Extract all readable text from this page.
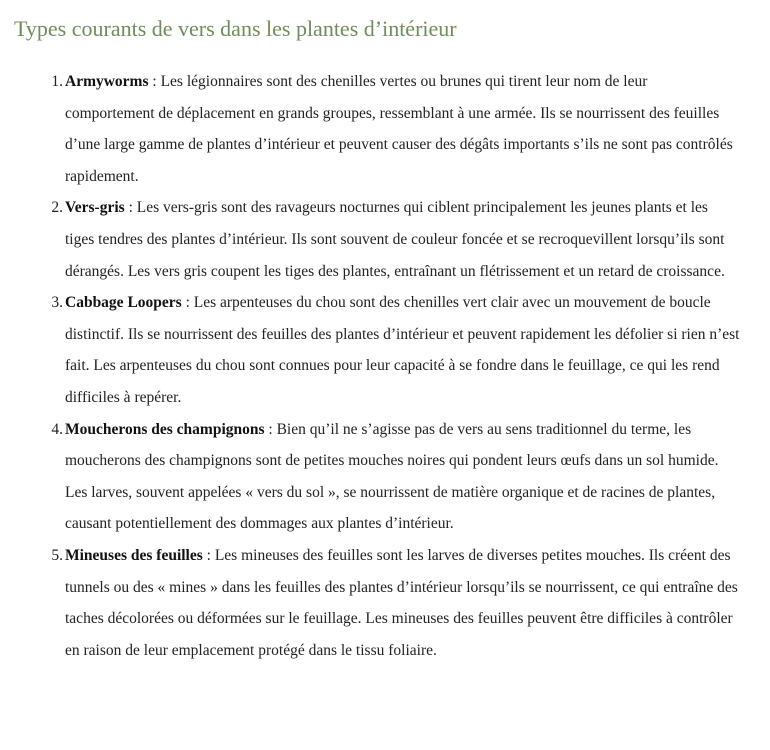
Types courants de vers dans les plantes d’intérieur
1. Armyworms : Les légionnaires sont des chenilles vertes ou brunes qui tirent leur nom de leur comportement de déplacement en grands groupes, ressemblant à une armée. Ils se nourrissent des feuilles d’une large gamme de plantes d’intérieur et peuvent causer des dégâts importants s’ils ne sont pas contrôlés rapidement.
2. Vers-gris : Les vers-gris sont des ravageurs nocturnes qui ciblent principalement les jeunes plants et les tiges tendres des plantes d’intérieur. Ils sont souvent de couleur foncée et se recroquevillent lorsqu’ils sont dérangés. Les vers gris coupent les tiges des plantes, entraînant un flétrissement et un retard de croissance.
3. Cabbage Loopers : Les arpenteuses du chou sont des chenilles vert clair avec un mouvement de boucle distinctif. Ils se nourrissent des feuilles des plantes d’intérieur et peuvent rapidement les défolier si rien n’est fait. Les arpenteuses du chou sont connues pour leur capacité à se fondre dans le feuillage, ce qui les rend difficiles à repérer.
4. Moucherons des champignons : Bien qu’il ne s’agisse pas de vers au sens traditionnel du terme, les moucherons des champignons sont de petites mouches noires qui pondent leurs œufs dans un sol humide. Les larves, souvent appelées « vers du sol », se nourrissent de matière organique et de racines de plantes, causant potentiellement des dommages aux plantes d’intérieur.
5. Mineuses des feuilles : Les mineuses des feuilles sont les larves de diverses petites mouches. Ils créent des tunnels ou des « mines » dans les feuilles des plantes d’intérieur lorsqu’ils se nourrissent, ce qui entraîne des taches décolorées ou déformées sur le feuillage. Les mineuses des feuilles peuvent être difficiles à contrôler en raison de leur emplacement protégé dans le tissu foliaire.
